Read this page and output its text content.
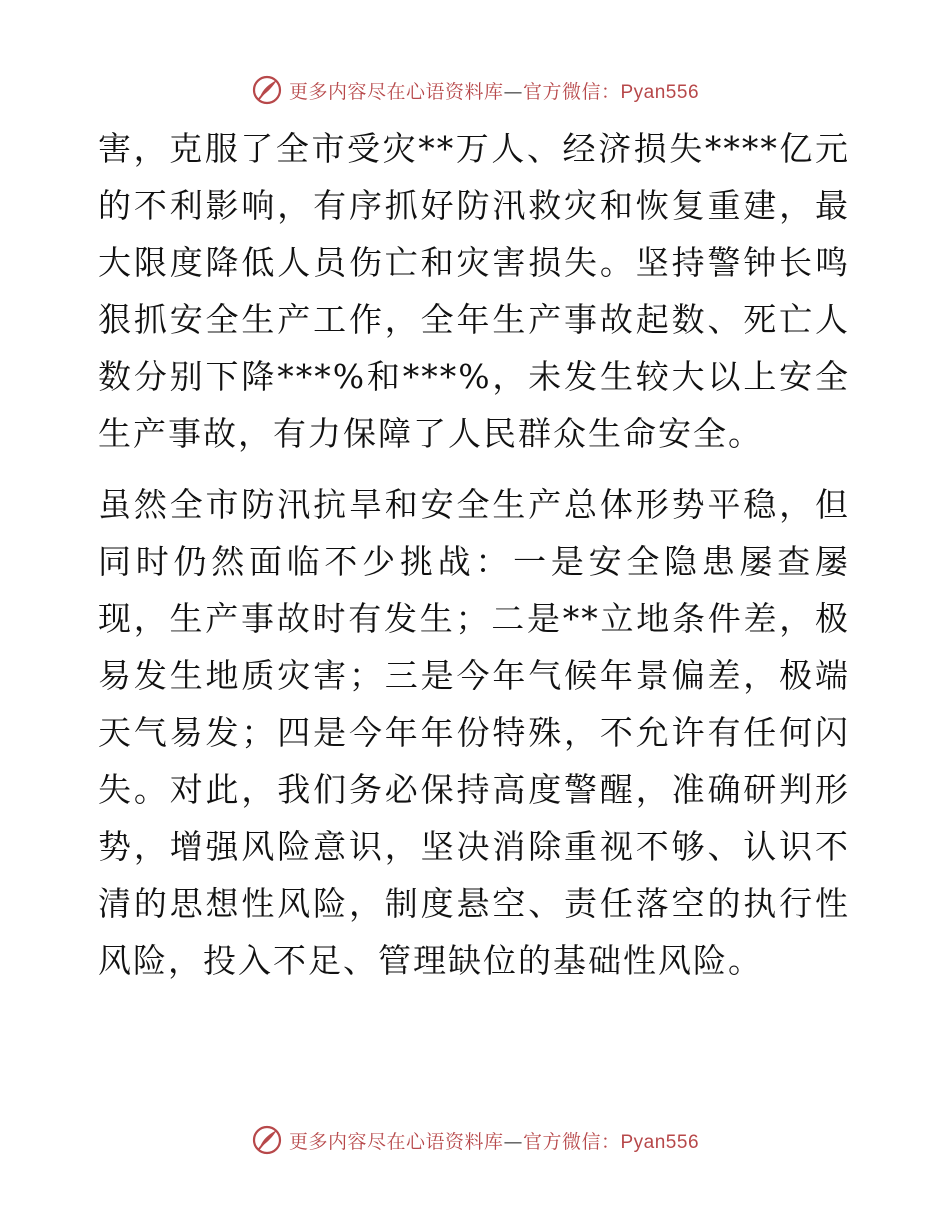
更多内容尽在心语资料库—官方微信：Pyan556

害，克服了全市受灾**万人、经济损失****亿元的不利影响，有序抓好防汛救灾和恢复重建，最大限度降低人员伤亡和灾害损失。坚持警钟长鸣狠抓安全生产工作，全年生产事故起数、死亡人数分别下降***%和***%，未发生较大以上安全生产事故，有力保障了人民群众生命安全。

虽然全市防汛抗旱和安全生产总体形势平稳，但同时仍然面临不少挑战：一是安全隐患屡查屡现，生产事故时有发生；二是**立地条件差，极易发生地质灾害；三是今年气候年景偏差，极端天气易发；四是今年年份特殊，不允许有任何闪失。对此，我们务必保持高度警醒，准确研判形势，增强风险意识，坚决消除重视不够、认识不清的思想性风险，制度悬空、责任落空的执行性风险，投入不足、管理缺位的基础性风险。

更多内容尽在心语资料库—官方微信：Pyan556
